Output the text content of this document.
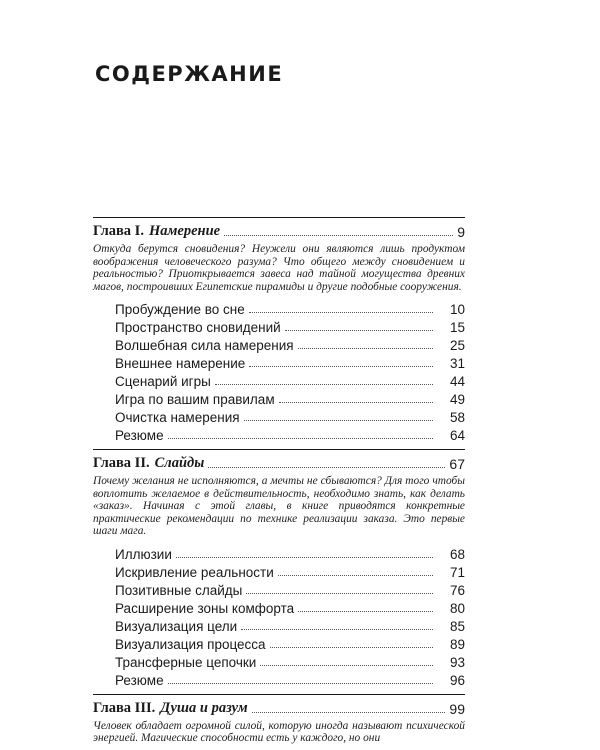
СОДЕРЖАНИЕ
Глава I. Намерение	9

Откуда берутся сновидения? Неужели они являются лишь продуктом воображения человеческого разума? Что общего между сновидением и реальностью? Приоткрывается завеса над тайной могущества древних магов, построивших Египетские пирамиды и другие подобные сооружения.

Пробуждение во сне	10
Пространство сновидений	15
Волшебная сила намерения	25
Внешнее намерение	31
Сценарий игры	44
Игра по вашим правилам	49
Очистка намерения	58
Резюме	64
Глава II. Слайды	67

Почему желания не исполняются, а мечты не сбываются? Для того чтобы воплотить желаемое в действительность, необходимо знать, как делать «заказ». Начиная с этой главы, в книге приводятся конкретные практические рекомендации по технике реализации заказа. Это первые шаги мага.

Иллюзии	68
Искривление реальности	71
Позитивные слайды	76
Расширение зоны комфорта	80
Визуализация цели	85
Визуализация процесса	89
Трансферные цепочки	93
Резюме	96
Глава III. Душа и разум	99

Человек обладает огромной силой, которую иногда называют психической энергией. Магические способности есть у каждого, но они
